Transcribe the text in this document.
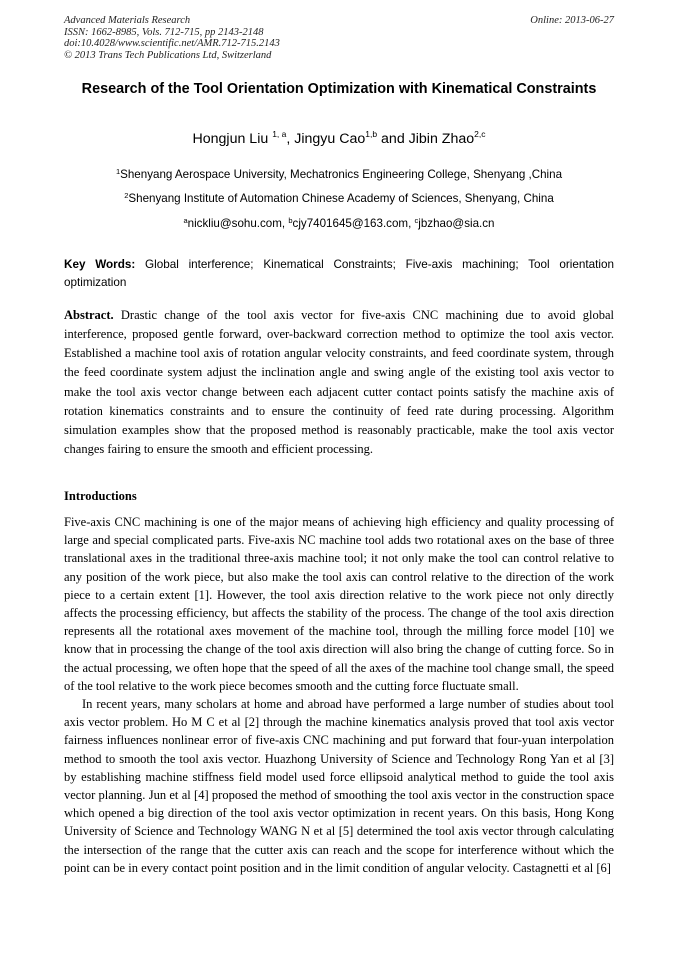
Advanced Materials Research
ISSN: 1662-8985, Vols. 712-715, pp 2143-2148
doi:10.4028/www.scientific.net/AMR.712-715.2143
© 2013 Trans Tech Publications Ltd, Switzerland
Online: 2013-06-27
Research of the Tool Orientation Optimization with Kinematical Constraints
Hongjun Liu $^{1, a}$, Jingyu Cao$^{1,b}$ and Jibin Zhao$^{2,c}$
$^1$Shenyang Aerospace University, Mechatronics Engineering College, Shenyang ,China
$^2$Shenyang Institute of Automation Chinese Academy of Sciences, Shenyang, China
$^a$nickliu@sohu.com, $^b$cjy7401645@163.com, $^c$jbzhao@sia.cn
Key Words: Global interference; Kinematical Constraints; Five-axis machining; Tool orientation optimization
Abstract. Drastic change of the tool axis vector for five-axis CNC machining due to avoid global interference, proposed gentle forward, over-backward correction method to optimize the tool axis vector. Established a machine tool axis of rotation angular velocity constraints, and feed coordinate system, through the feed coordinate system adjust the inclination angle and swing angle of the existing tool axis vector to make the tool axis vector change between each adjacent cutter contact points satisfy the machine axis of rotation kinematics constraints and to ensure the continuity of feed rate during processing. Algorithm simulation examples show that the proposed method is reasonably practicable, make the tool axis vector changes fairing to ensure the smooth and efficient processing.
Introductions

Five-axis CNC machining is one of the major means of achieving high efficiency and quality processing of large and special complicated parts. Five-axis NC machine tool adds two rotational axes on the base of three translational axes in the traditional three-axis machine tool; it not only make the tool can control relative to any position of the work piece, but also make the tool axis can control relative to the direction of the work piece to a certain extent [1]. However, the tool axis direction relative to the work piece not only directly affects the processing efficiency, but affects the stability of the process. The change of the tool axis direction represents all the rotational axes movement of the machine tool, through the milling force model [10] we know that in processing the change of the tool axis direction will also bring the change of cutting force. So in the actual processing, we often hope that the speed of all the axes of the machine tool change small, the speed of the tool relative to the work piece becomes smooth and the cutting force fluctuate small.

In recent years, many scholars at home and abroad have performed a large number of studies about tool axis vector problem. Ho M C et al [2] through the machine kinematics analysis proved that tool axis vector fairness influences nonlinear error of five-axis CNC machining and put forward that four-yuan interpolation method to smooth the tool axis vector. Huazhong University of Science and Technology Rong Yan et al [3] by establishing machine stiffness field model used force ellipsoid analytical method to guide the tool axis vector planning. Jun et al [4] proposed the method of smoothing the tool axis vector in the construction space which opened a big direction of the tool axis vector optimization in recent years. On this basis, Hong Kong University of Science and Technology WANG N et al [5] determined the tool axis vector through calculating the intersection of the range that the cutter axis can reach and the scope for interference without which the point can be in every contact point position and in the limit condition of angular velocity. Castagnetti et al [6]
